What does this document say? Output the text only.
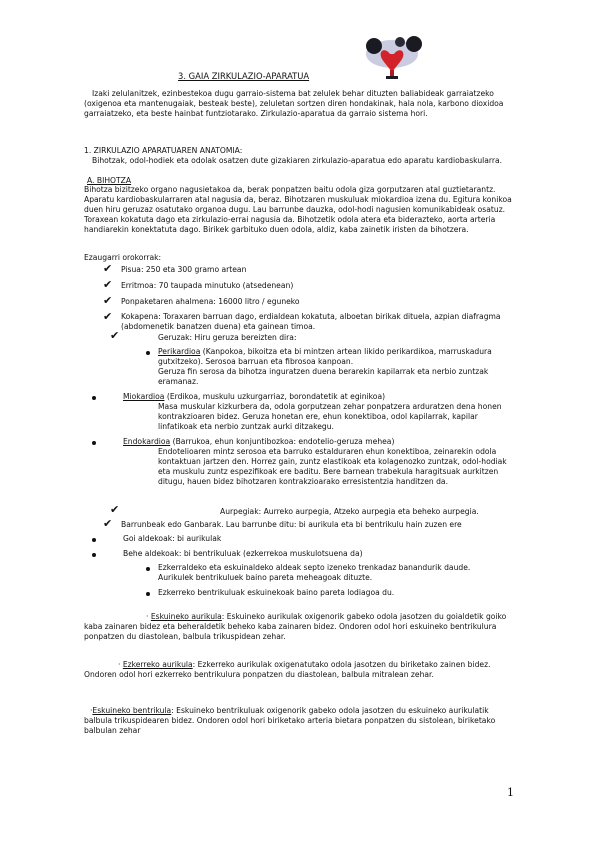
3. GAIA ZIRKULAZIO-APARATUA
Izaki zelulanitzek, ezinbestekoa dugu garraio-sistema bat zelulek behar dituzten baliabideak garraiatzeko (oxigenoa eta mantenugaiak, besteak beste), zeluletan sortzen diren hondakinak, hala nola, karbono dioxidoa garraiatzeko, eta beste hainbat funtziotarako. Zirkulazio-aparatua da garraio sistema hori.
1. ZIRKULAZIO APARATUAREN ANATOMIA:
Bihotzak, odol-hodiek eta odolak osatzen dute gizakiaren zirkulazio-aparatua edo aparatu kardiobaskularra.
A. BIHOTZA
Bihotza bizitzeko organo nagusietakoa da, berak ponpatzen baitu odola giza gorputzaren atal guztietarantz. Aparatu kardiobaskularraren atal nagusia da, beraz. Bihotzaren muskuluak miokardioa izena du. Egitura konikoa duen hiru geruzaz osatutako organoa dugu. Lau barrunbe dauzka, odol-hodi nagusien komunikabideak osatuz. Toraxean kokatuta dago eta zirkulazio-errai nagusia da. Bihotzetik odola atera eta biderazteko, aorta arteria handiarekin konektatuta dago. Birikek garbituko duen odola, aldiz, kaba zainetik iristen da bihotzera.
Ezaugarri orokorrak:
✔ Pisua: 250 eta 300 gramo artean
✔ Erritmoa: 70 taupada minutuko (atsedenean)
✔ Ponpaketaren ahalmena: 16000 litro / eguneko
✔ Kokapena: Toraxaren barruan dago, erdialdean kokatuta, alboetan birikak dituela, azpian diafragma (abdomenetik banatzen duena) eta gainean timoa.
✔	Geruzak: Hiru geruza bereizten dira:
Perikardioa (Kanpokoa, bikoitza eta bi mintzen artean likido perikardikoa, marruskadura gutxitzeko). Serosoa barruan eta fibrosoa kanpoan.
Geruza fin serosa da bihotza inguratzen duena berarekin kapilarrak eta nerbio zuntzak eramanaz.
Miokardioa (Erdikoa, muskulu uzkurgarriaz, borondatetik at eginikoa)
Masa muskular kizkurbera da, odola gorputzean zehar ponpatzera arduratzen dena honen kontrakzioaren bidez. Geruza honetan ere, ehun konektiboa, odol kapilarrak, kapilar linfatikoak eta nerbio zuntzak aurki ditzakegu.
Endokardioa (Barrukoa, ehun konjuntibozkoa: endotelio-geruza mehea)
Endotelioaren mintz serosoa eta barruko estalduraren ehun konektiboa, zeinarekin odola kontaktuan jartzen den. Horrez gain, zuntz elastikoak eta kolagenozko zuntzak, odol-hodiak eta muskulu zuntz espezifikoak ere baditu. Bere barnean trabekula haragitsuak aurkitzen ditugu, hauen bidez bihotzaren kontrakzioarako erresistentzia handitzen da.
✔	Aurpegiak: Aurreko aurpegia, Atzeko aurpegia eta beheko aurpegia.
✔ Barrunbeak edo Ganbarak. Lau barrunbe ditu: bi aurikula eta bi bentrikulu hain zuzen ere
Goi aldekoak: bi aurikulak
Behe aldekoak: bi bentrikuluak (ezkerrekoa muskulotsuena da)
Ezkerraldeko eta eskuinaldeko aldeak septo izeneko trenkadaz banandurik daude. Aurikulek bentrikuluek baino pareta meheagoak dituzte.
Ezkerreko bentrikuluak eskuinekoak baino pareta lodiagoa du.
· Eskuineko aurikula: Eskuineko aurikulak oxigenorik gabeko odola jasotzen du goialdetik goiko kaba zainaren bidez eta beheraldetik beheko kaba zainaren bidez. Ondoren odol hori eskuineko bentrikulura ponpatzen du diastolean, balbula trikuspidean zehar.
· Ezkerreko aurikula: Ezkerreko aurikulak oxigenatutako odola jasotzen du biriketako zainen bidez. Ondoren odol hori ezkerreko bentrikulura ponpatzen du diastolean, balbula mitralean zehar.
·Eskuineko bentrikula: Eskuineko bentrikuluak oxigenorik gabeko odola jasotzen du eskuineko aurikulatik balbula trikuspidearen bidez. Ondoren odol hori biriketako arteria bietara ponpatzen du sistolean, biriketako balbulan zehar
1
